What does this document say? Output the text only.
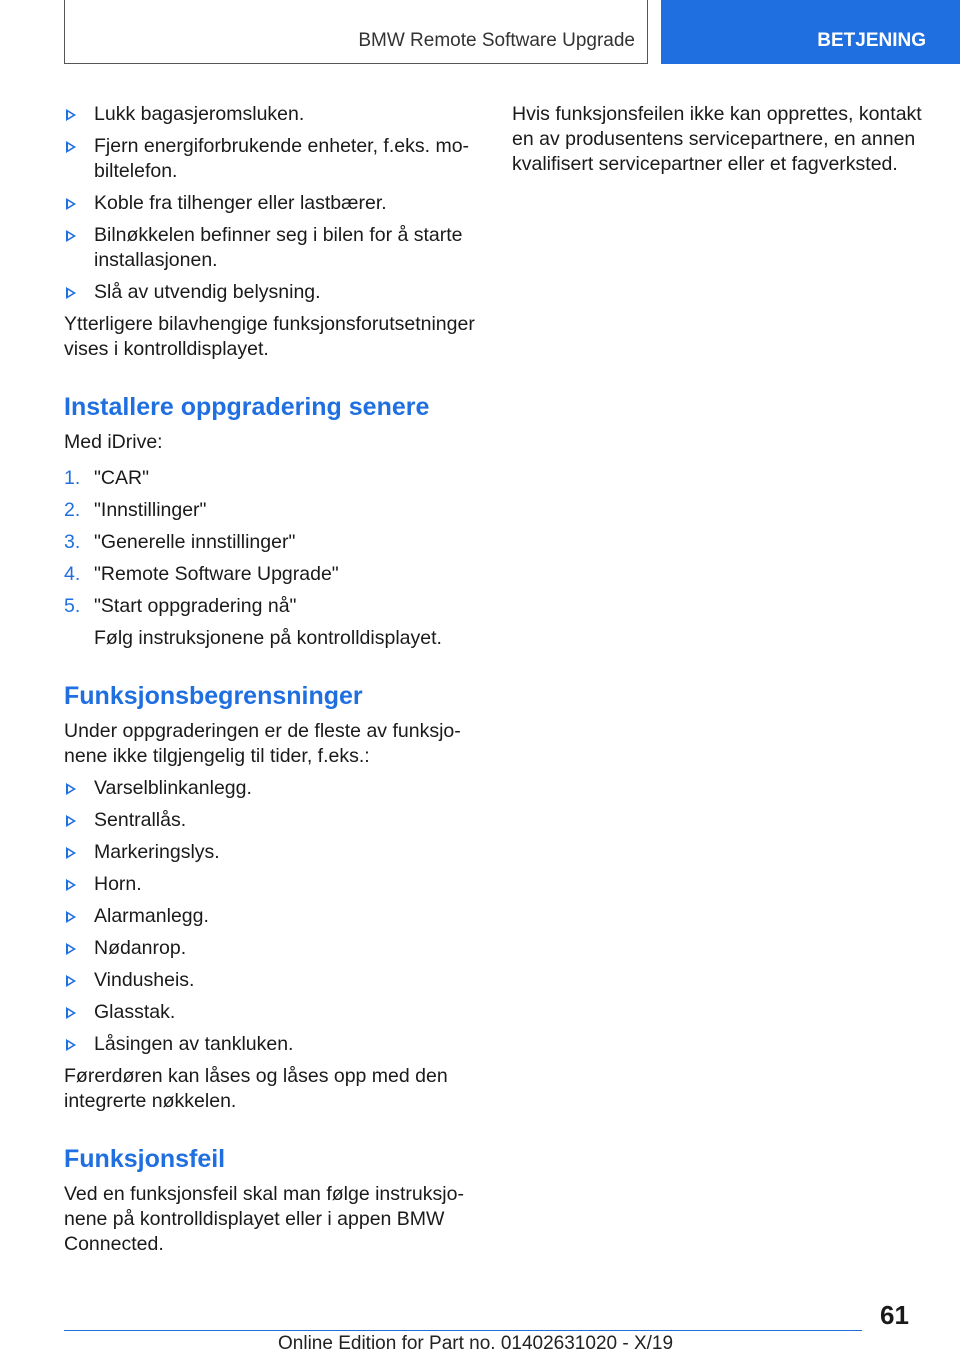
BMW Remote Software Upgrade	BETJENING
Lukk bagasjeromsluken.
Fjern energiforbrukende enheter, f.eks. mobiltelefon.
Koble fra tilhenger eller lastbærer.
Bilnøkkelen befinner seg i bilen for å starte installasjonen.
Slå av utvendig belysning.

Ytterligere bilavhengige funksjonsforutsetninger vises i kontrolldisplayet.

Installere oppgradering senere

Med iDrive:

1. "CAR"
2. "Innstillinger"
3. "Generelle innstillinger"
4. "Remote Software Upgrade"
5. "Start oppgradering nå"

Følg instruksjonene på kontrolldisplayet.

Funksjonsbegrensninger

Under oppgraderingen er de fleste av funksjonene ikke tilgjengelig til tider, f.eks.:

Varselblinkanlegg.
Sentrallås.
Markeringslys.
Horn.
Alarmanlegg.
Nødanrop.
Vindusheis.
Glasstak.
Låsingen av tankluken.

Førerdøren kan låses og låses opp med den integrerte nøkkelen.

Funksjonsfeil

Ved en funksjonsfeil skal man følge instruksjonene på kontrolldisplayet eller i appen BMW Connected.

Hvis funksjonsfeilen ikke kan opprettes, kontakt en av produsentens servicepartnere, en annen kvalifisert servicepartner eller et fagverksted.

61
Online Edition for Part no. 01402631020 - X/19
